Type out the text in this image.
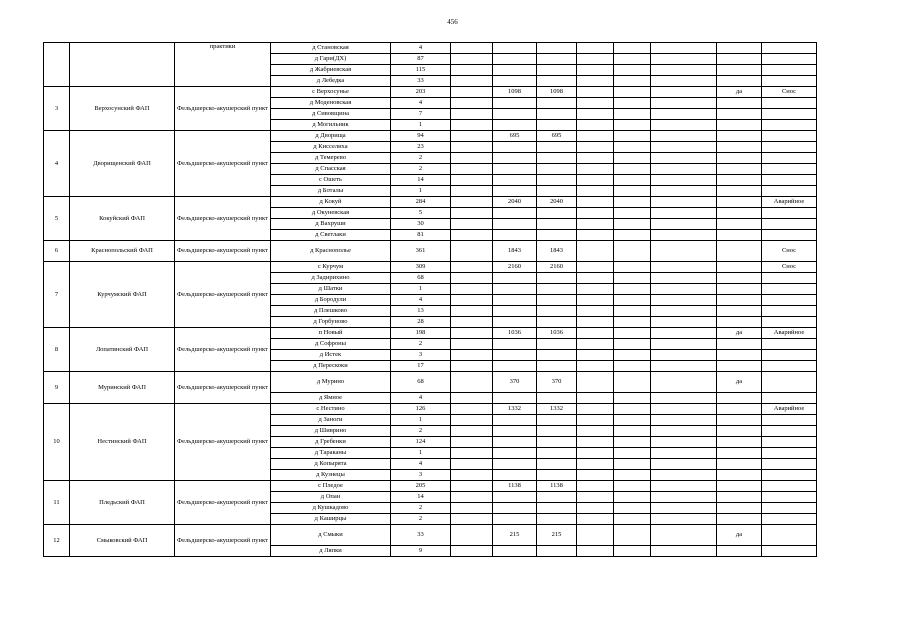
456
		практики	д Становская	4								
			д Гари(ДХ)	87								
			д Жабриевская	115								
			д Лебедка	33								
3	Верхосунский ФАП	Фельдшерско-акушерский пункт	с Верхосунье	203		1098	1098				да	Снос
			д Моденовская	4								
			д Сивовщина	7								
			д Могильник	1								
4	Дворищенский ФАП	Фельдшерско-акушерский пункт	д Дворища	94		695	695					
			д Кисселиха	23								
			д Темерево	2								
			д Спасская	2								
			с Ошеть	14								
			д Боталы	1								
5	Кокуйский ФАП	Фельдшерско-акушерский пункт	д Кокуй	284		2040	2040					Аварийное
			д Окуневская	5								
			д Вахруши	30								
			д Светлаки	81								
6	Краснопольский ФАП	Фельдшерско-акушерский пункт	д Краснополье	361		1843	1843					Снос
7	Курчумский ФАП	Фельдшерско-акушерский пункт	с Курчум	309		2160	2160					Снос
			д Задирихино	68								
			д Шатки	1								
			д Бородули	4								
			д Плешково	13								
			д Горбуново	28								
8	Лопатинский ФАП	Фельдшерско-акушерский пункт	п Новый	198		1036	1036				да	Аварийное
			д Софроны	2								
			д Истек	3								
			д Перескоки	17								
9	Муринский ФАП	Фельдшерско-акушерский пункт	д Мурино	68		370	370				да	
			д Ямное	4								
10	Нестинский ФАП	Фельдшерско-акушерский пункт	с Нестино	126		1332	1332					Аварийное
			д Заноги	1								
			д Шиврино	2								
			д Гребенки	124								
			д Тараканы	1								
			д Копырята	4								
			д Кузнецы	3								
11	Пледьский ФАП	Фельдшерско-акушерский пункт	с Пледое	205		1138	1138					
			д Опан	14								
			д Кушкадово	2								
			д Каширцы	2								
12	Смыковский ФАП	Фельдшерско-акушерский пункт	д Смыки	33		215	215				да	
			д Ляпки	9								
